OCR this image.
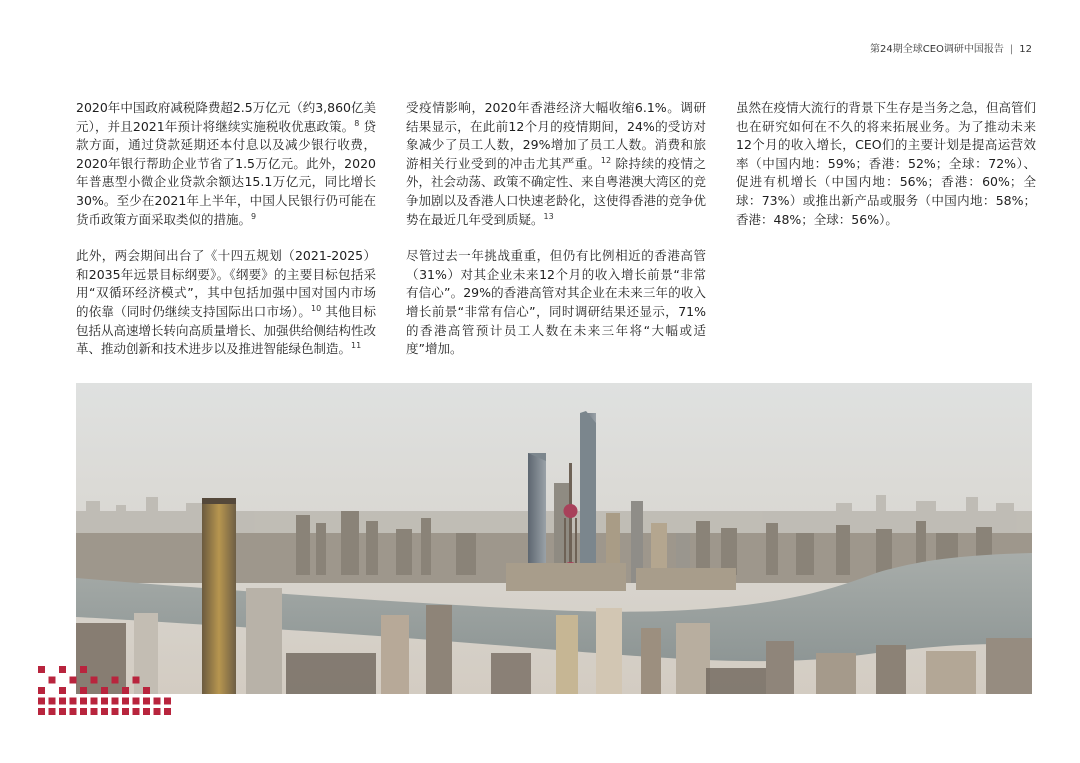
第24期全球CEO调研中国报告 | 12

2020年中国政府减税降费超2.5万亿元（约3,860亿美元），并且2021年预计将继续实施税收优惠政策。$^8$ 贷款方面，通过贷款延期还本付息以及减少银行收费，2020年银行帮助企业节省了1.5万亿元。此外，2020年普惠型小微企业贷款余额达15.1万亿元，同比增长30%。至少在2021年上半年，中国人民银行仍可能在货币政策方面采取类似的措施。$^9$

此外，两会期间出台了《十四五规划（2021-2025）和2035年远景目标纲要》。《纲要》的主要目标包括采用“双循环经济模式”，其中包括加强中国对国内市场的依靠（同时仍继续支持国际出口市场）。$^{10}$ 其他目标包括从高速增长转向高质量增长、加强供给侧结构性改革、推动创新和技术进步以及推进智能绿色制造。$^{11}$

受疫情影响，2020年香港经济大幅收缩6.1%。调研结果显示，在此前12个月的疫情期间，24%的受访对象减少了员工人数，29%增加了员工人数。消费和旅游相关行业受到的冲击尤其严重。$^{12}$ 除持续的疫情之外，社会动荡、政策不确定性、来自粤港澳大湾区的竞争加剧以及香港人口快速老龄化，这使得香港的竞争优势在最近几年受到质疑。$^{13}$

尽管过去一年挑战重重，但仍有比例相近的香港高管（31%）对其企业未来12个月的收入增长前景“非常有信心”。29%的香港高管对其企业在未来三年的收入增长前景“非常有信心”，同时调研结果还显示，71%的香港高管预计员工人数在未来三年将“大幅或适度”增加。

虽然在疫情大流行的背景下生存是当务之急，但高管们也在研究如何在不久的将来拓展业务。为了推动未来12个月的收入增长，CEO们的主要计划是提高运营效率（中国内地：59%；香港：52%；全球：72%）、促进有机增长（中国内地：56%；香港：60%；全球：73%）或推出新产品或服务（中国内地：58%；香港：48%；全球：56%）。
